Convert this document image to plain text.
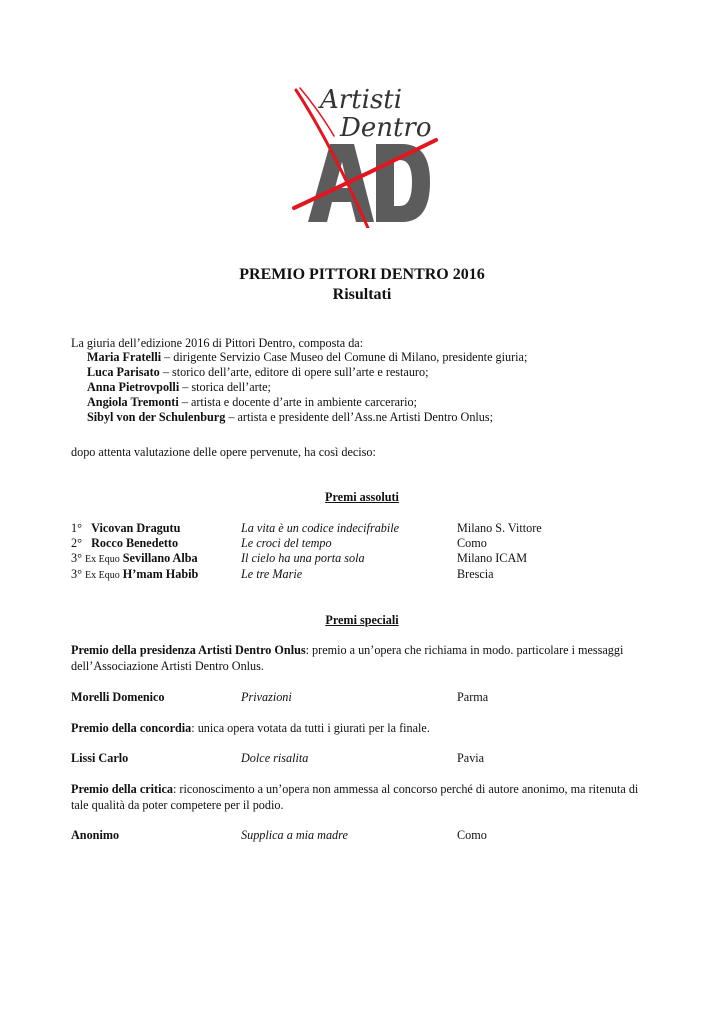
Artisti
Dentro
PREMIO PITTORI DENTRO 2016
Risultati
La giuria dell’edizione 2016 di Pittori Dentro, composta da:
Maria Fratelli – dirigente Servizio Case Museo del Comune di Milano, presidente giuria;
Luca Parisato – storico dell’arte, editore di opere sull’arte e restauro;
Anna Pietrovpolli – storica dell’arte;
Angiola Tremonti – artista e docente d’arte in ambiente carcerario;
Sibyl von der Schulenburg – artista e presidente dell’Ass.ne Artisti Dentro Onlus;
dopo attenta valutazione delle opere pervenute, ha così deciso:
Premi assoluti
1° Vicovan Dragutu	La vita è un codice indecifrabile	Milano S. Vittore
2° Rocco Benedetto	Le croci del tempo	Como
3° Ex Equo Sevillano Alba	Il cielo ha una porta sola	Milano ICAM
3° Ex Equo H’mam Habib	Le tre Marie	Brescia
Premi speciali
Premio della presidenza Artisti Dentro Onlus: premio a un’opera che richiama in modo. particolare i messaggi dell’Associazione Artisti Dentro Onlus.
Morelli Domenico	Privazioni	Parma
Premio della concordia: unica opera votata da tutti i giurati per la finale.
Lissi Carlo	Dolce risalita	Pavia
Premio della critica: riconoscimento a un’opera non ammessa al concorso perché di autore anonimo, ma ritenuta di tale qualità da poter competere per il podio.
Anonimo	Supplica a mia madre	Como
